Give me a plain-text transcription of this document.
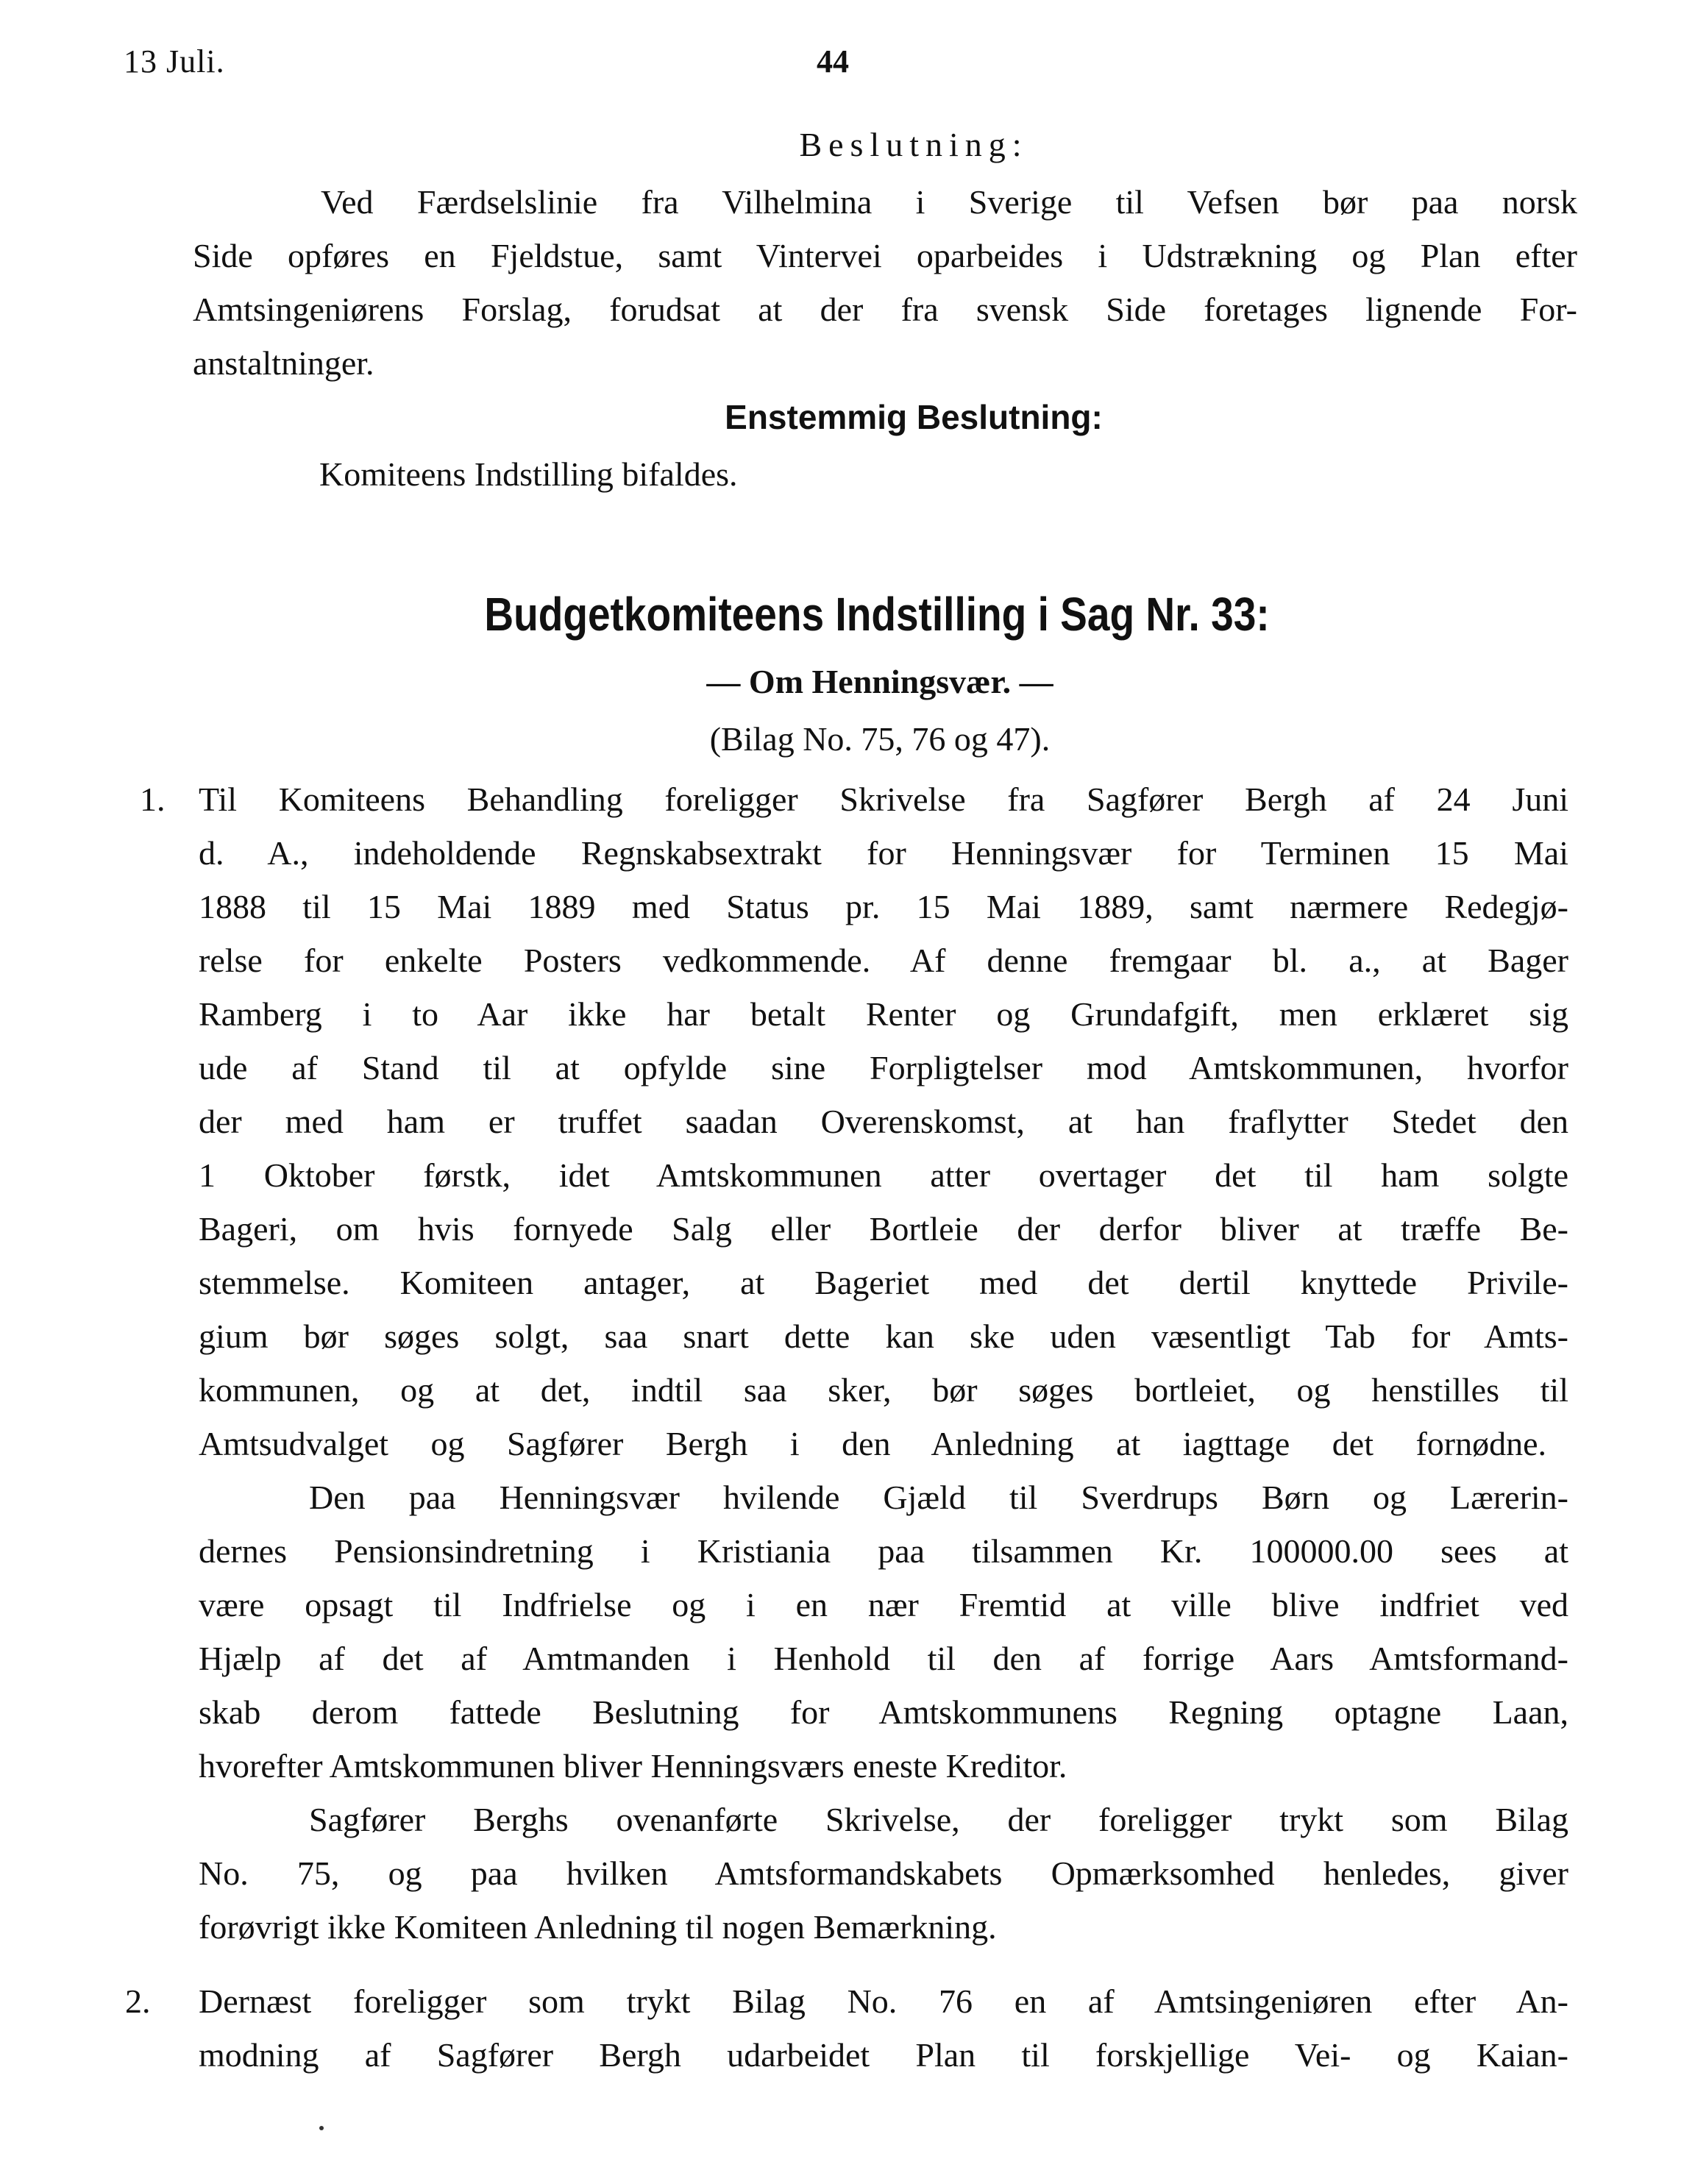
13 Juli.	44
Beslutning:
Ved Færdselslinie fra Vilhelmina i Sverige til Vefsen bør paa norsk
Side opføres en Fjeldstue, samt Vintervei oparbeides i Udstrækning og Plan efter
Amtsingeniørens Forslag, forudsat at der fra svensk Side foretages lignende For-
anstaltninger.
Enstemmig Beslutning:
Komiteens Indstilling bifaldes.
Budgetkomiteens Indstilling i Sag Nr. 33:
— Om Henningsvær. —
(Bilag No. 75, 76 og 47).
1. Til Komiteens Behandling foreligger Skrivelse fra Sagfører Bergh af 24 Juni
d. A., indeholdende Regnskabsextrakt for Henningsvær for Terminen 15 Mai
1888 til 15 Mai 1889 med Status pr. 15 Mai 1889, samt nærmere Redegjø-
relse for enkelte Posters vedkommende. Af denne fremgaar bl. a., at Bager
Ramberg i to Aar ikke har betalt Renter og Grundafgift, men erklæret sig
ude af Stand til at opfylde sine Forpligtelser mod Amtskommunen, hvorfor
der med ham er truffet saadan Overenskomst, at han fraflytter Stedet den
1 Oktober førstk, idet Amtskommunen atter overtager det til ham solgte
Bageri, om hvis fornyede Salg eller Bortleie der derfor bliver at træffe Be-
stemmelse. Komiteen antager, at Bageriet med det dertil knyttede Privile-
gium bør søges solgt, saa snart dette kan ske uden væsentligt Tab for Amts-
kommunen, og at det, indtil saa sker, bør søges bortleiet, og henstilles til
Amtsudvalget og Sagfører Bergh i den Anledning at iagttage det fornødne.
Den paa Henningsvær hvilende Gjæld til Sverdrups Børn og Lærerin-
dernes Pensionsindretning i Kristiania paa tilsammen Kr. 100000.00 sees at
være opsagt til Indfrielse og i en nær Fremtid at ville blive indfriet ved
Hjælp af det af Amtmanden i Henhold til den af forrige Aars Amtsformand-
skab derom fattede Beslutning for Amtskommunens Regning optagne Laan,
hvorefter Amtskommunen bliver Henningsværs eneste Kreditor.
Sagfører Berghs ovenanførte Skrivelse, der foreligger trykt som Bilag
No. 75, og paa hvilken Amtsformandskabets Opmærksomhed henledes, giver
forøvrigt ikke Komiteen Anledning til nogen Bemærkning.
2. Dernæst foreligger som trykt Bilag No. 76 en af Amtsingeniøren efter An-
modning af Sagfører Bergh udarbeidet Plan til forskjellige Vei- og Kaian-
